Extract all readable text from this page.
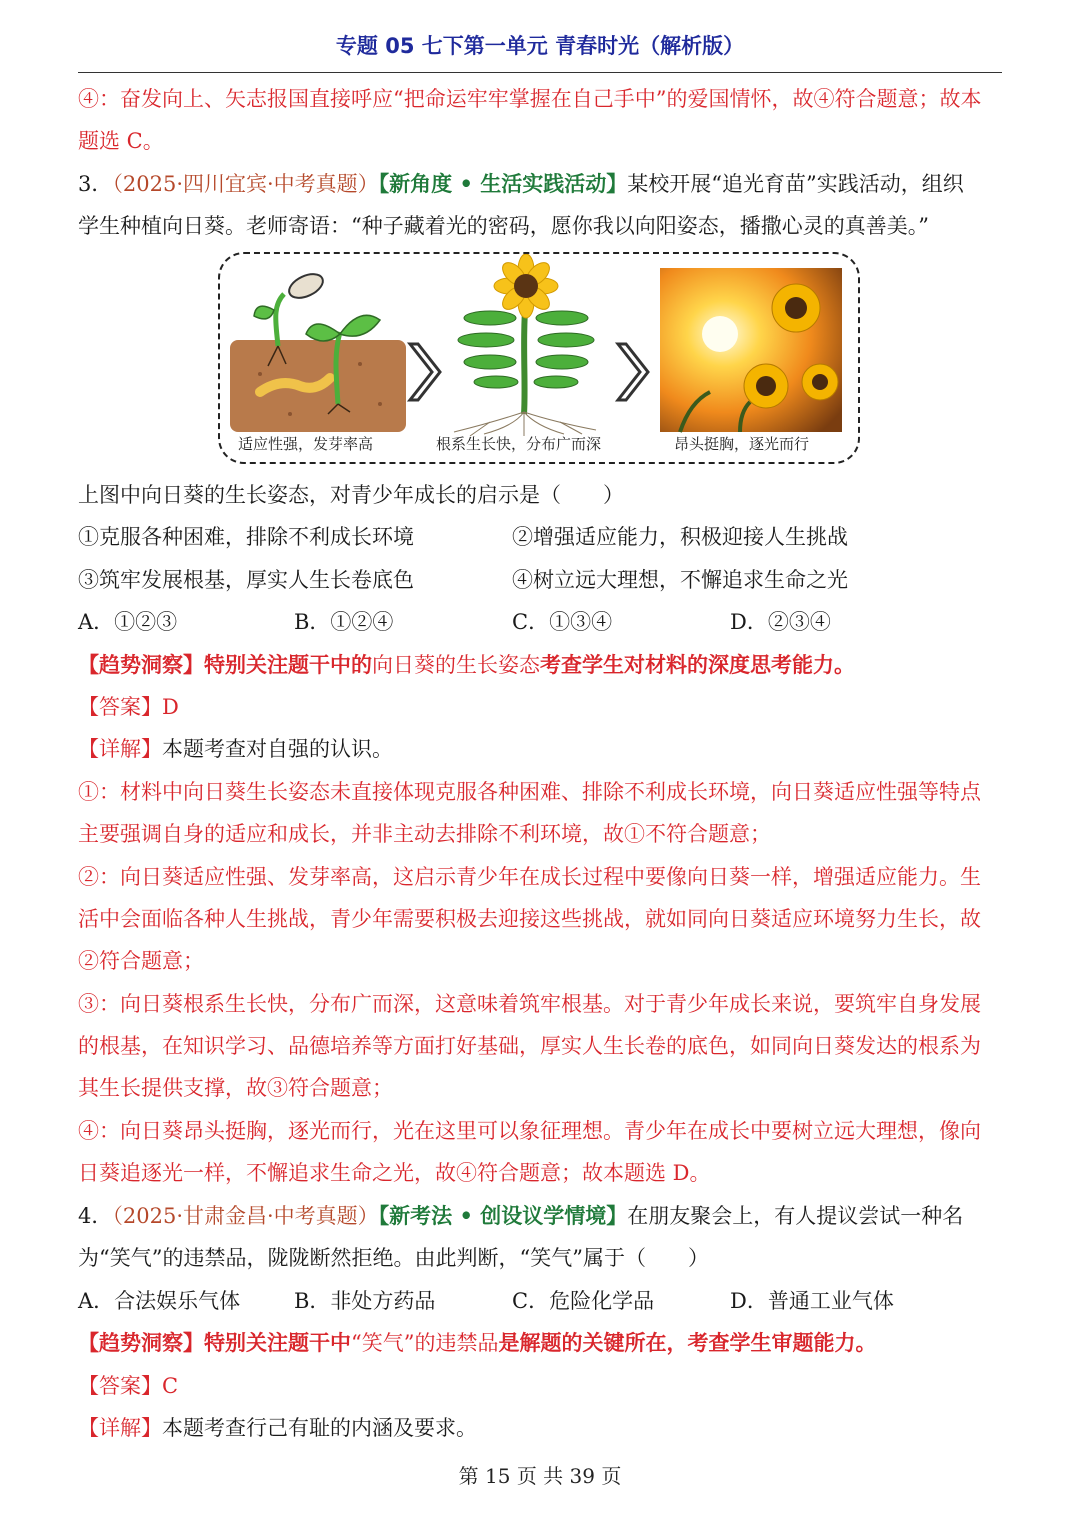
专题 05 七下第一单元 青春时光（解析版）
④：奋发向上、矢志报国直接呼应“把命运牢牢掌握在自己手中”的爱国情怀，故④符合题意；故本
题选 C。
3．（2025·四川宜宾·中考真题）【新角度 • 生活实践活动】某校开展“追光育苗”实践活动，组织
学生种植向日葵。老师寄语：“种子藏着光的密码，愿你我以向阳姿态，播撒心灵的真善美。”
适应性强，发芽率高	根系生长快，分布广而深	昂头挺胸，逐光而行
上图中向日葵的生长姿态，对青少年成长的启示是（　　）
①克服各种困难，排除不利成长环境	②增强适应能力，积极迎接人生挑战
③筑牢发展根基，厚实人生长卷底色	④树立远大理想，不懈追求生命之光
A．①②③	B．①②④	C．①③④	D．②③④
【趋势洞察】特别关注题干中的向日葵的生长姿态考查学生对材料的深度思考能力。
【答案】D
【详解】本题考查对自强的认识。
①：材料中向日葵生长姿态未直接体现克服各种困难、排除不利成长环境，向日葵适应性强等特点
主要强调自身的适应和成长，并非主动去排除不利环境，故①不符合题意；
②：向日葵适应性强、发芽率高，这启示青少年在成长过程中要像向日葵一样，增强适应能力。生
活中会面临各种人生挑战，青少年需要积极去迎接这些挑战，就如同向日葵适应环境努力生长，故
②符合题意；
③：向日葵根系生长快，分布广而深，这意味着筑牢根基。对于青少年成长来说，要筑牢自身发展
的根基，在知识学习、品德培养等方面打好基础，厚实人生长卷的底色，如同向日葵发达的根系为
其生长提供支撑，故③符合题意；
④：向日葵昂头挺胸，逐光而行，光在这里可以象征理想。青少年在成长中要树立远大理想，像向
日葵追逐光一样，不懈追求生命之光，故④符合题意；故本题选 D。
4．（2025·甘肃金昌·中考真题）【新考法 • 创设议学情境】在朋友聚会上，有人提议尝试一种名
为“笑气”的违禁品，陇陇断然拒绝。由此判断，“笑气”属于（　　）
A．合法娱乐气体	B．非处方药品	C．危险化学品	D．普通工业气体
【趋势洞察】特别关注题干中“笑气”的违禁品是解题的关键所在，考查学生审题能力。
【答案】C
【详解】本题考查行己有耻的内涵及要求。
第 15 页 共 39 页
